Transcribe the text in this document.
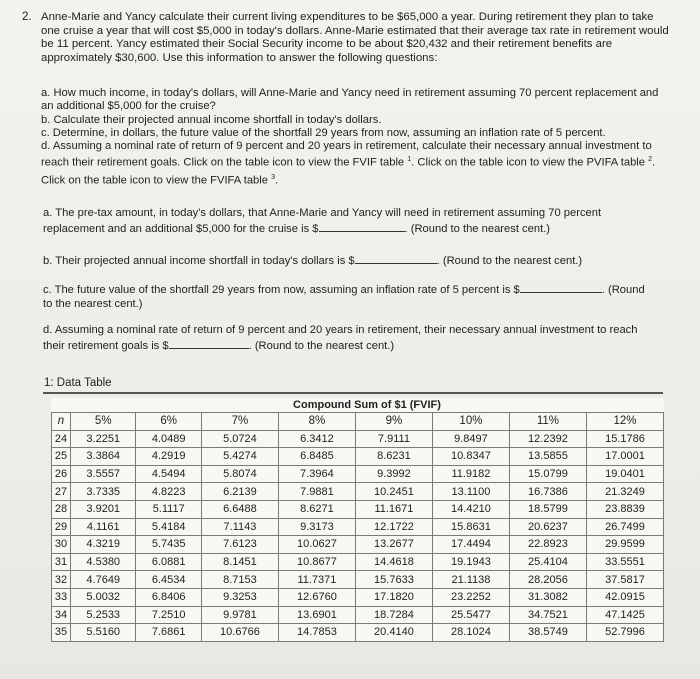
2. Anne-Marie and Yancy calculate their current living expenditures to be $65,000 a year. During retirement they plan to take one cruise a year that will cost $5,000 in today's dollars. Anne-Marie estimated that their average tax rate in retirement would be 11 percent. Yancy estimated their Social Security income to be about $20,432 and their retirement benefits are approximately $30,600. Use this information to answer the following questions:

a. How much income, in today's dollars, will Anne-Marie and Yancy need in retirement assuming 70 percent replacement and an additional $5,000 for the cruise?

b. Calculate their projected annual income shortfall in today's dollars.

c. Determine, in dollars, the future value of the shortfall 29 years from now, assuming an inflation rate of 5 percent.

d. Assuming a nominal rate of return of 9 percent and 20 years in retirement, calculate their necessary annual investment to reach their retirement goals. Click on the table icon to view the FVIF table $^1$. Click on the table icon to view the PVIFA table $^2$. Click on the table icon to view the FVIFA table $^3$.

a. The pre-tax amount, in today's dollars, that Anne-Marie and Yancy will need in retirement assuming 70 percent
replacement and an additional $5,000 for the cruise is $	. (Round to the nearest cent.)
b. Their projected annual income shortfall in today's dollars is $	. (Round to the nearest cent.)
c. The future value of the shortfall 29 years from now, assuming an inflation rate of 5 percent is $	. (Round
to the nearest cent.)
d. Assuming a nominal rate of return of 9 percent and 20 years in retirement, their necessary annual investment to reach
their retirement goals is $	. (Round to the nearest cent.)
1: Data Table
	Compound Sum of $1 (FVIF)							
n	5%	6%	7%	8%	9%	10%	11%	12%
24	3.2251	4.0489	5.0724	6.3412	7.9111	9.8497	12.2392	15.1786
25	3.3864	4.2919	5.4274	6.8485	8.6231	10.8347	13.5855	17.0001
26	3.5557	4.5494	5.8074	7.3964	9.3992	11.9182	15.0799	19.0401
27	3.7335	4.8223	6.2139	7.9881	10.2451	13.1100	16.7386	21.3249
28	3.9201	5.1117	6.6488	8.6271	11.1671	14.4210	18.5799	23.8839
29	4.1161	5.4184	7.1143	9.3173	12.1722	15.8631	20.6237	26.7499
30	4.3219	5.7435	7.6123	10.0627	13.2677	17.4494	22.8923	29.9599
31	4.5380	6.0881	8.1451	10.8677	14.4618	19.1943	25.4104	33.5551
32	4.7649	6.4534	8.7153	11.7371	15.7633	21.1138	28.2056	37.5817
33	5.0032	6.8406	9.3253	12.6760	17.1820	23.2252	31.3082	42.0915
34	5.2533	7.2510	9.9781	13.6901	18.7284	25.5477	34.7521	47.1425
35	5.5160	7.6861	10.6766	14.7853	20.4140	28.1024	38.5749	52.7996
